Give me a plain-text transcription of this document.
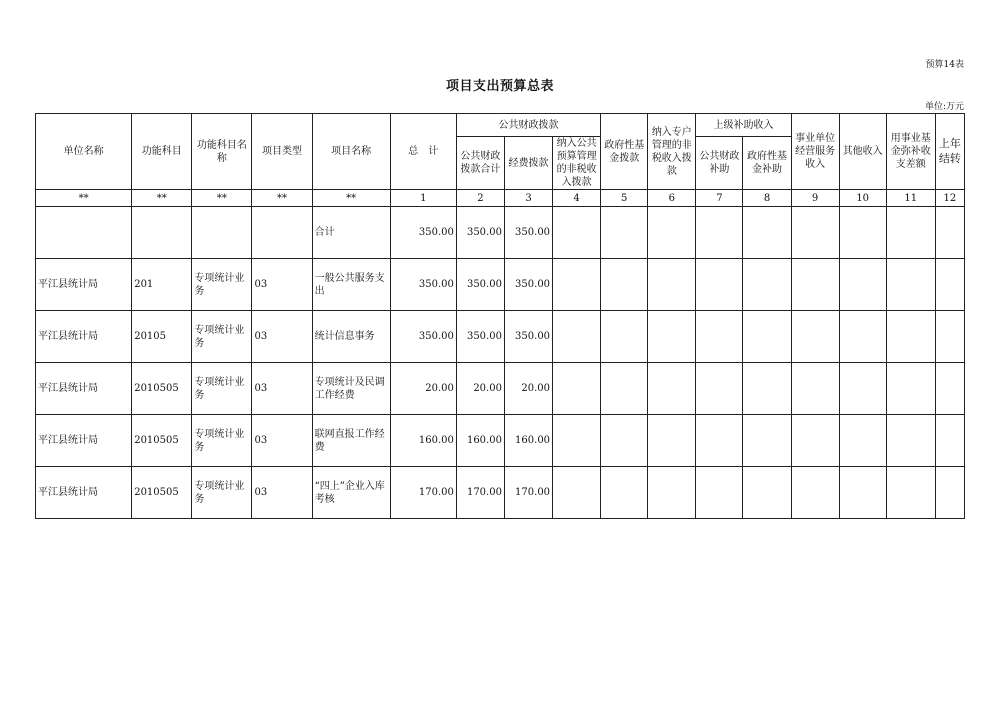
预算14表
项目支出预算总表
单位:万元
单位名称	功能科目	功能科目名称	项目类型	项目名称	总　计	公共财政拨款			政府性基金拨款	纳入专户管理的非税收入拨款	上级补助收入		事业单位经营服务收入	其他收入	用事业基金弥补收支差额	上年结转
						公共财政拨款合计	经费拨款	纳入公共预算管理的非税收入拨款			公共财政补助	政府性基金补助				
**	**	**	**	**	1	2	3	4	5	6	7	8	9	10	11	12
				合计	350.00	350.00	350.00									
平江县统计局	201	专项统计业务	03	一般公共服务支出	350.00	350.00	350.00									
平江县统计局	20105	专项统计业务	03	统计信息事务	350.00	350.00	350.00									
平江县统计局	2010505	专项统计业务	03	专项统计及民调工作经费	20.00	20.00	20.00									
平江县统计局	2010505	专项统计业务	03	联网直报工作经费	160.00	160.00	160.00									
平江县统计局	2010505	专项统计业务	03	“四上”企业入库考核	170.00	170.00	170.00									
